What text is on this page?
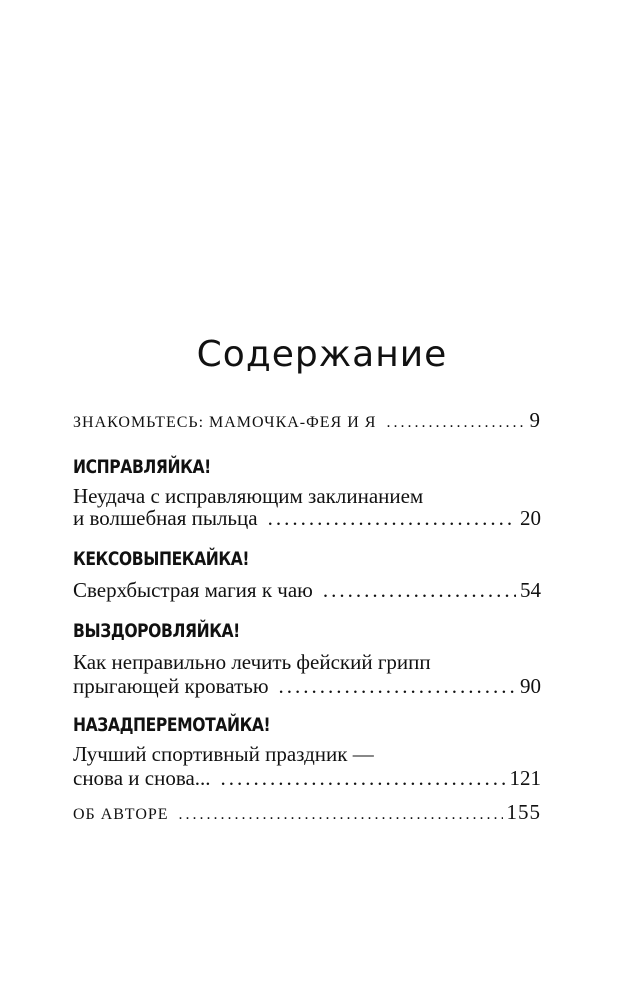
Содержание
ЗНАКОМЬТЕСЬ: МАМОЧКА-ФЕЯ И Я .....	9
ИСПРАВЛЯЙКА!
Неудача с исправляющим заклинанием
и волшебная пыльца .....	20
КЕКСОВЫПЕКАЙКА!
Сверхбыстрая магия к чаю .....	54
ВЫЗДОРОВЛЯЙКА!
Как неправильно лечить фейский грипп
прыгающей кроватью .....	90
НАЗАДПЕРЕМОТАЙКА!
Лучший спортивный праздник —
снова и снова... .....	121
ОБ АВТОРЕ .....	155
